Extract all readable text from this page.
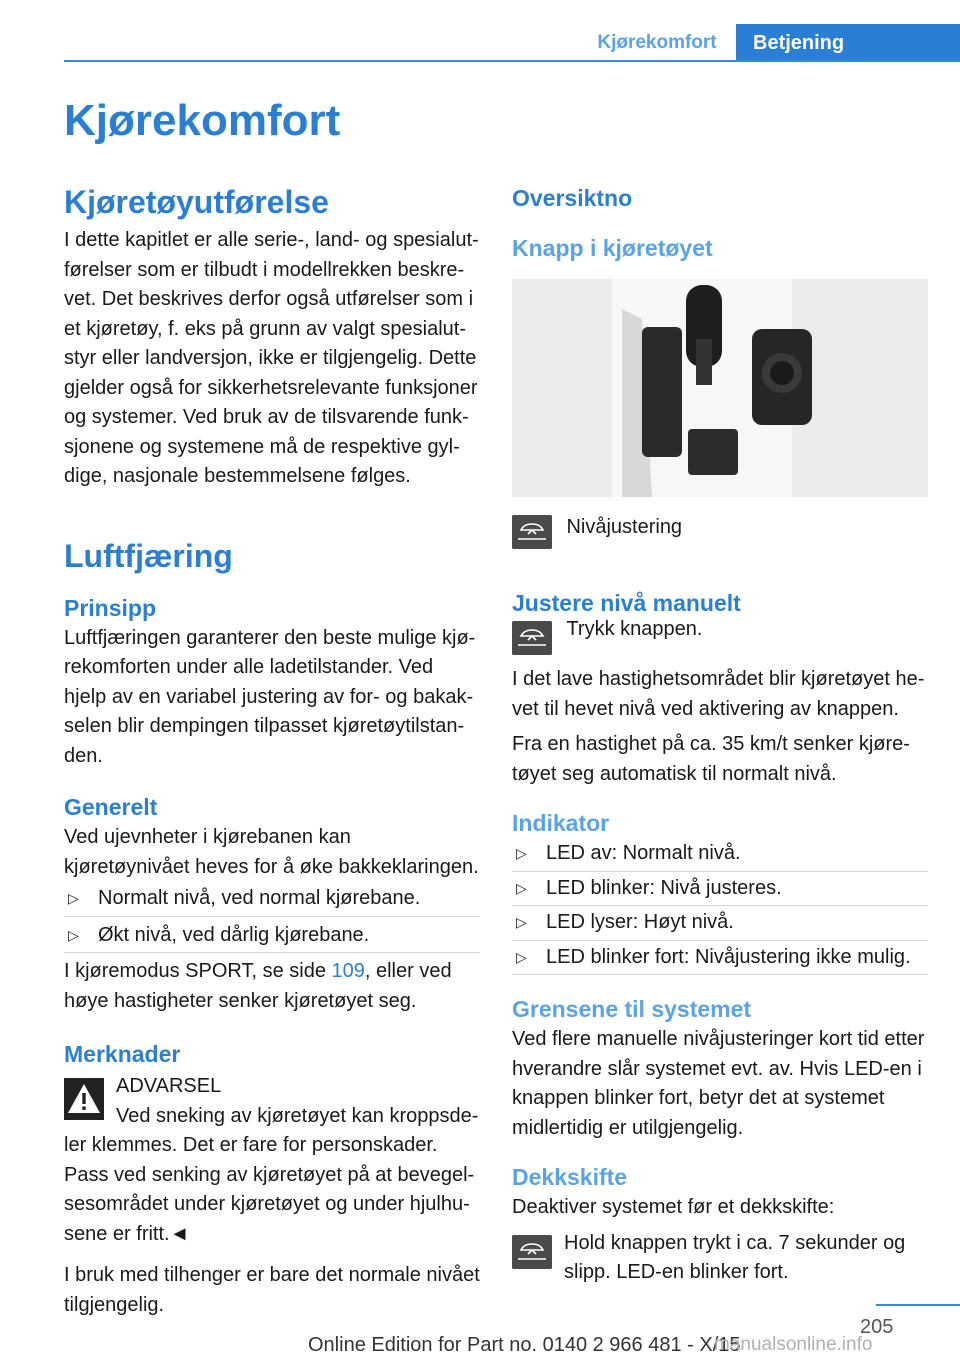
Kjørekomfort	Betjening
Kjørekomfort
Kjøretøyutførelse

I dette kapitlet er alle serie-, land- og spesialutførelser som er tilbudt i modellrekken beskrevet. Det beskrives derfor også utførelser som i et kjøretøy, f. eks på grunn av valgt spesialutstyr eller landversjon, ikke er tilgjengelig. Dette gjelder også for sikkerhetsrelevante funksjoner og systemer. Ved bruk av de tilsvarende funksjonene og systemene må de respektive gyldige, nasjonale bestemmelsene følges.

Luftfjæring
Prinsipp

Luftfjæringen garanterer den beste mulige kjørekomforten under alle ladetilstander. Ved hjelp av en variabel justering av for- og bakakselen blir dempingen tilpasset kjøretøytilstanden.

Generelt

Ved ujevnheter i kjørebanen kan kjøretøynivået heves for å øke bakkeklaringen.

▷ Normalt nivå, ved normal kjørebane.
▷ Økt nivå, ved dårlig kjørebane.

I kjøremodus SPORT, se side 109, eller ved høye hastigheter senker kjøretøyet seg.

Merknader

ADVARSEL

Ved sneking av kjøretøyet kan kroppsdeler klemmes. Det er fare for personskader. Pass ved senking av kjøretøyet på at bevegelsesområdet under kjøretøyet og under hjulhusene er fritt.◄

I bruk med tilhenger er bare det normale nivået tilgjengelig.

Oversiktno
Knapp i kjøretøyet
Nivåjustering
Justere nivå manuelt
Trykk knappen.

I det lave hastighetsområdet blir kjøretøyet hevet til hevet nivå ved aktivering av knappen.

Fra en hastighet på ca. 35 km/t senker kjøretøyet seg automatisk til normalt nivå.

Indikator
▷ LED av: Normalt nivå.
▷ LED blinker: Nivå justeres.
▷ LED lyser: Høyt nivå.
▷ LED blinker fort: Nivåjustering ikke mulig.
Grensene til systemet

Ved flere manuelle nivåjusteringer kort tid etter hverandre slår systemet evt. av. Hvis LED-en i knappen blinker fort, betyr det at systemet midlertidig er utilgjengelig.

Dekkskifte

Deaktiver systemet før et dekkskifte:

Hold knappen trykt i ca. 7 sekunder og slipp. LED-en blinker fort.

205
Online Edition for Part no. 0140 2 966 481 - X/15
manualsonline.info
